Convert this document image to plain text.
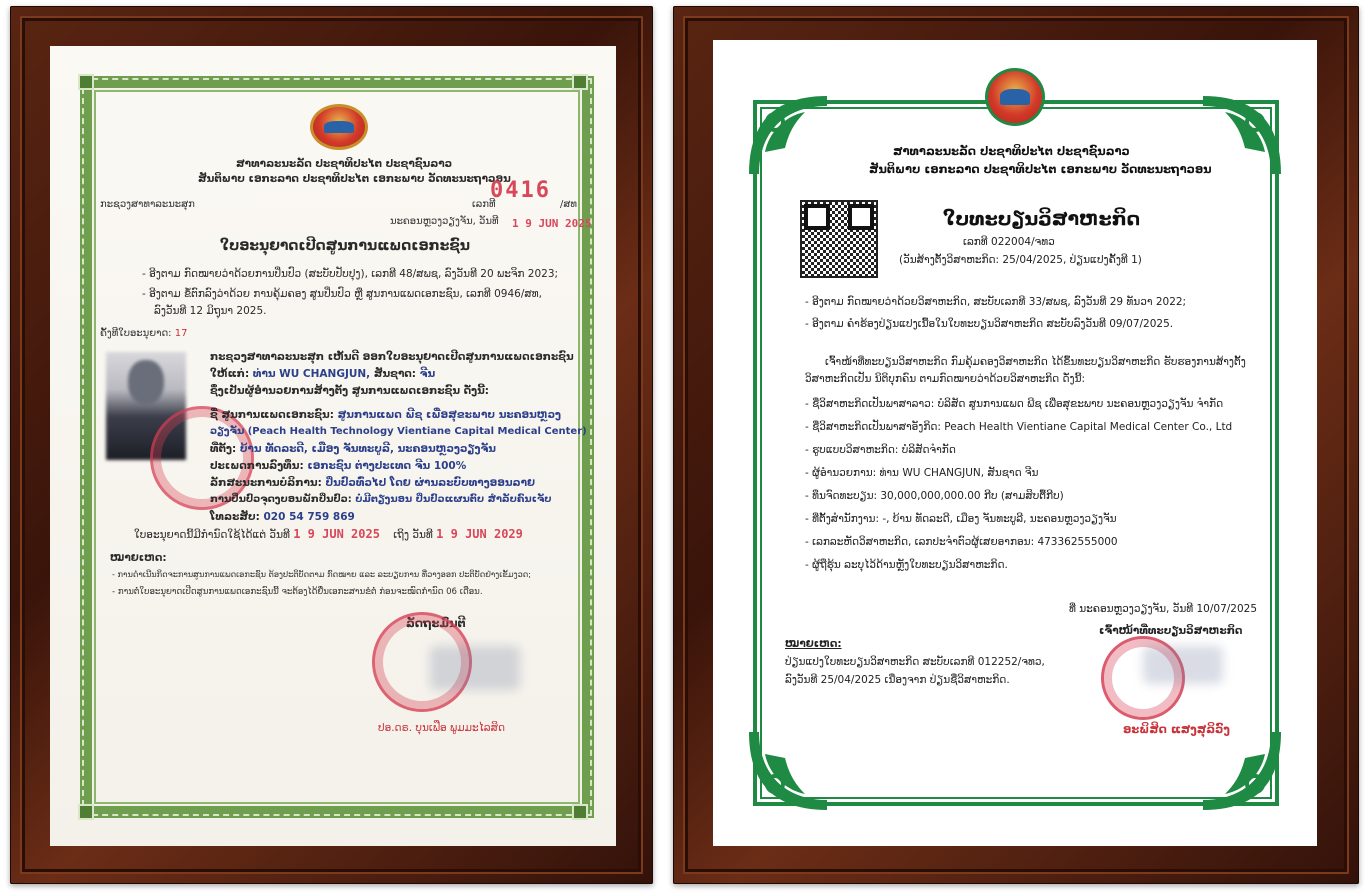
ສາທາລະນະລັດ ປະຊາທິປະໄຕ ປະຊາຊົນລາວ
ສັນຕິພາບ ເອກະລາດ ປະຊາທິປະໄຕ ເອກະພາບ ວັດທະນະຖາວອນ
0416
ກະຊວງສາທາລະນະສຸກ	ເລກທີ	/ສທ
ນະຄອນຫຼວງວຽງຈັນ, ວັນທີ 1 9 JUN 2025
ໃບອະນຸຍາດເປີດສູນການແພດເອກະຊົນ
- ອີງຕາມ ກົດໝາຍວ່າດ້ວຍການປິ່ນປົວ (ສະບັບປັບປຸງ), ເລກທີ 48/ສພຊ, ລົງວັນທີ 20 ພະຈິກ 2023;
- ອີງຕາມ ຂໍ້ຕົກລົງວ່າດ້ວຍ ການຄຸ້ມຄອງ ສູນປິ່ນປົວ ຫຼື ສູນການແພດເອກະຊົນ, ເລກທີ 0946/ສທ,
ລົງວັນທີ 12 ມິຖຸນາ 2025.
ຄັ້ງທີໃບອະນຸຍາດ: 17
ກະຊວງສາທາລະນະສຸກ ເຫັນດີ ອອກໃບອະນຸຍາດເປີດສູນການແພດເອກະຊົນ
ໃຫ້ແກ່: ທ່ານ WU CHANGJUN, ສັນຊາດ: ຈີນ
ຊຶ່ງເປັນຜູ້ອຳນວຍການສ້າງຕັ້ງ ສູນການແພດເອກະຊົນ ດັ່ງນີ້:
ຊື່ ສູນການແພດເອກະຊົນ: ສູນການແພດ ພີຊ ເພື່ອສຸຂະພາບ ນະຄອນຫຼວງ
ວຽງຈັນ (Peach Health Technology Vientiane Capital Medical Center)
ທີ່ຕັ້ງ: ບ້ານ ທັດລະດີ, ເມືອງ ຈັນທະບູລີ, ນະຄອນຫຼວງວຽງຈັນ
ປະເພດການລົງທຶນ: ເອກະຊົນ ຕ່າງປະເທດ ຈີນ 100%
ລັກສະນະການບໍລິການ: ປິ່ນປົວທົ່ວໄປ ໂດຍ ຜ່ານລະບົບທາງອອນລາຍ
ການປິ່ນປົວຈຸດງບອນພັກປິ່ນປົວ: ບໍ່ມີຕຽງນອນ ປິ່ນປົວແຜນຕົບ ສໍາລັບຄົນເຈັບ
ໂທລະສັບ: 020 54 759 869
ໃບອະນຸຍາດນີ້ມີກຳນົດໃຊ້ໄດ້ແຕ່ ວັນທີ 1 9 JUN 2025 ເຖິງ ວັນທີ 1 9 JUN 2029
ໝາຍເຫດ:
- ການດຳເນີນກິດຈະການສູນການແພດເອກະຊົນ ຕ້ອງປະຕິບັດຕາມ ກົດໝາຍ ແລະ ລະບຽບການ ທີ່ວາງອອກ ປະຕິບັດຢ່າງເຂັ້ມງວດ;
- ການຕໍ່ໃບອະນຸຍາດເປີດສູນການແພດເອກະຊົນນີ້ ຈະຕ້ອງໄດ້ຍື່ນເອກະສານຂໍຕໍ່ ກ່ອນຈະໝົດກຳນົດ 06 ເດືອນ.
ລັດຖະມົນຕີ
ປອ.ດຣ. ບຸນເຟືອ ພູມມະໄລສິດ
ສາທາລະນະລັດ ປະຊາທິປະໄຕ ປະຊາຊົນລາວ
ສັນຕິພາບ ເອກະລາດ ປະຊາທິປະໄຕ ເອກະພາບ ວັດທະນະຖາວອນ
ໃບທະບຽນວິສາຫະກິດ
ເລກທີ 022004/ຈທວ
(ວັນສ້າງຕັ້ງວິສາຫະກິດ: 25/04/2025, ປ່ຽນແປງຄັ້ງທີ 1)
- ອີງຕາມ ກົດໝາຍວ່າດ້ວຍວິສາຫະກິດ, ສະບັບເລກທີ 33/ສພຊ, ລົງວັນທີ 29 ທັນວາ 2022;
- ອີງຕາມ ຄຳຮ້ອງປ່ຽນແປງເນື້ອໃນໃບທະບຽນວິສາຫະກິດ ສະບັບລົງວັນທີ 09/07/2025.
ເຈົ້າໜ້າທີ່ທະບຽນວິສາຫະກິດ ກົມຄຸ້ມຄອງວິສາຫະກິດ ໄດ້ຂຶ້ນທະບຽນວິສາຫະກິດ ຮັບຮອງການສ້າງຕັ້ງ
ວິສາຫະກິດເປັນ ນິຕິບຸກຄົນ ຕາມກົດໝາຍວ່າດ້ວຍວິສາຫະກິດ ດັ່ງນີ້:
- ຊື່ວິສາຫະກິດເປັນພາສາລາວ: ບໍລິສັດ ສູນການແພດ ພີຊ ເພື່ອສຸຂະພາບ ນະຄອນຫຼວງວຽງຈັນ ຈຳກັດ
- ຊື່ວິສາຫະກິດເປັນພາສາອັງກິດ: Peach Health Vientiane Capital Medical Center Co., Ltd
- ຮູບແບບວິສາຫະກິດ: ບໍລິສັດຈຳກັດ
- ຜູ້ອຳນວຍການ: ທ່ານ WU CHANGJUN, ສັນຊາດ ຈີນ
- ທຶນຈົດທະບຽນ: 30,000,000,000.00 ກີບ (ສາມສິບຕື້ກີບ)
- ທີ່ຕັ້ງສຳນັກງານ: -, ບ້ານ ທັດລະດີ, ເມືອງ ຈັນທະບູລີ, ນະຄອນຫຼວງວຽງຈັນ
- ເລກລະຫັດວິສາຫະກິດ, ເລກປະຈຳຕົວຜູ້ເສຍອາກອນ: 473362555000
- ຜູ້ຖືຮຸ້ນ ລະບຸໄວ້ດ້ານຫຼັງໃບທະບຽນວິສາຫະກິດ.
ທີ່ ນະຄອນຫຼວງວຽງຈັນ, ວັນທີ 10/07/2025
ເຈົ້າໜ້າທີ່ທະບຽນວິສາຫະກິດ
ໝາຍເຫດ:
ປ່ຽນແປງໃບທະບຽນວິສາຫະກິດ ສະບັບເລກທີ 012252/ຈທວ,
ລົງວັນທີ 25/04/2025 ເນື່ອງຈາກ ປ່ຽນຊື່ວິສາຫະກິດ.
ອະພິສິດ ແສງສຸລິວົງ
